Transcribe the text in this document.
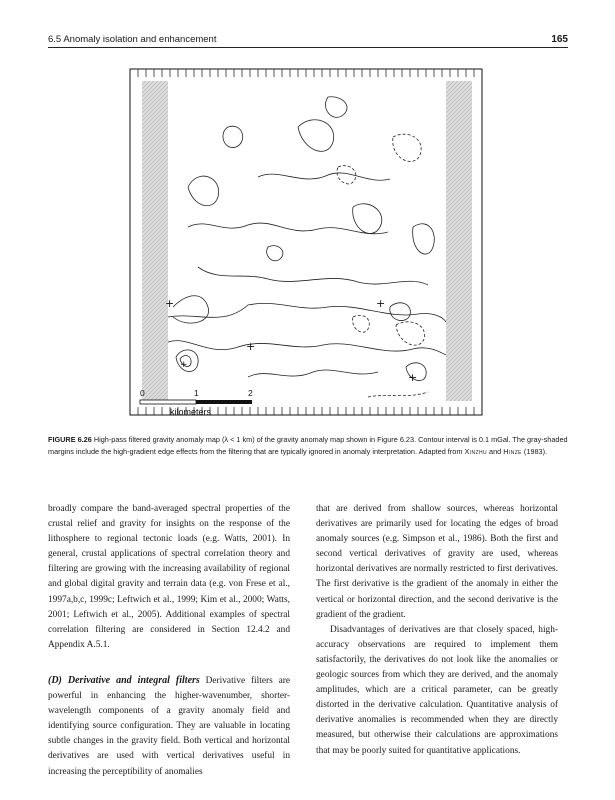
6.5 Anomaly isolation and enhancement	165
+	+
+
+
+
0	1	2
kilometers
FIGURE 6.26 High-pass filtered gravity anomaly map (λ < 1 km) of the gravity anomaly map shown in Figure 6.23. Contour interval is 0.1 mGal. The gray-shaded margins include the high-gradient edge effects from the filtering that are typically ignored in anomaly interpretation. Adapted from Xinzhu and Hinze (1983).

broadly compare the band-averaged spectral properties of the crustal relief and gravity for insights on the response of the lithosphere to regional tectonic loads (e.g. Watts, 2001). In general, crustal applications of spectral correlation theory and filtering are growing with the increasing availability of regional and global digital gravity and terrain data (e.g. von Frese et al., 1997a,b,c, 1999c; Leftwich et al., 1999; Kim et al., 2000; Watts, 2001; Leftwich et al., 2005). Additional examples of spectral correlation filtering are considered in Section 12.4.2 and Appendix A.5.1.

(D) Derivative and integral filters Derivative filters are powerful in enhancing the higher-wavenumber, shorter-wavelength components of a gravity anomaly field and identifying source configuration. They are valuable in locating subtle changes in the gravity field. Both vertical and horizontal derivatives are used with vertical derivatives useful in increasing the perceptibility of anomalies

that are derived from shallow sources, whereas horizontal derivatives are primarily used for locating the edges of broad anomaly sources (e.g. Simpson et al., 1986). Both the first and second vertical derivatives of gravity are used, whereas horizontal derivatives are normally restricted to first derivatives. The first derivative is the gradient of the anomaly in either the vertical or horizontal direction, and the second derivative is the gradient of the gradient.

Disadvantages of derivatives are that closely spaced, high-accuracy observations are required to implement them satisfactorily, the derivatives do not look like the anomalies or geologic sources from which they are derived, and the anomaly amplitudes, which are a critical parameter, can be greatly distorted in the derivative calculation. Quantitative analysis of derivative anomalies is recommended when they are directly measured, but otherwise their calculations are approximations that may be poorly suited for quantitative applications.
